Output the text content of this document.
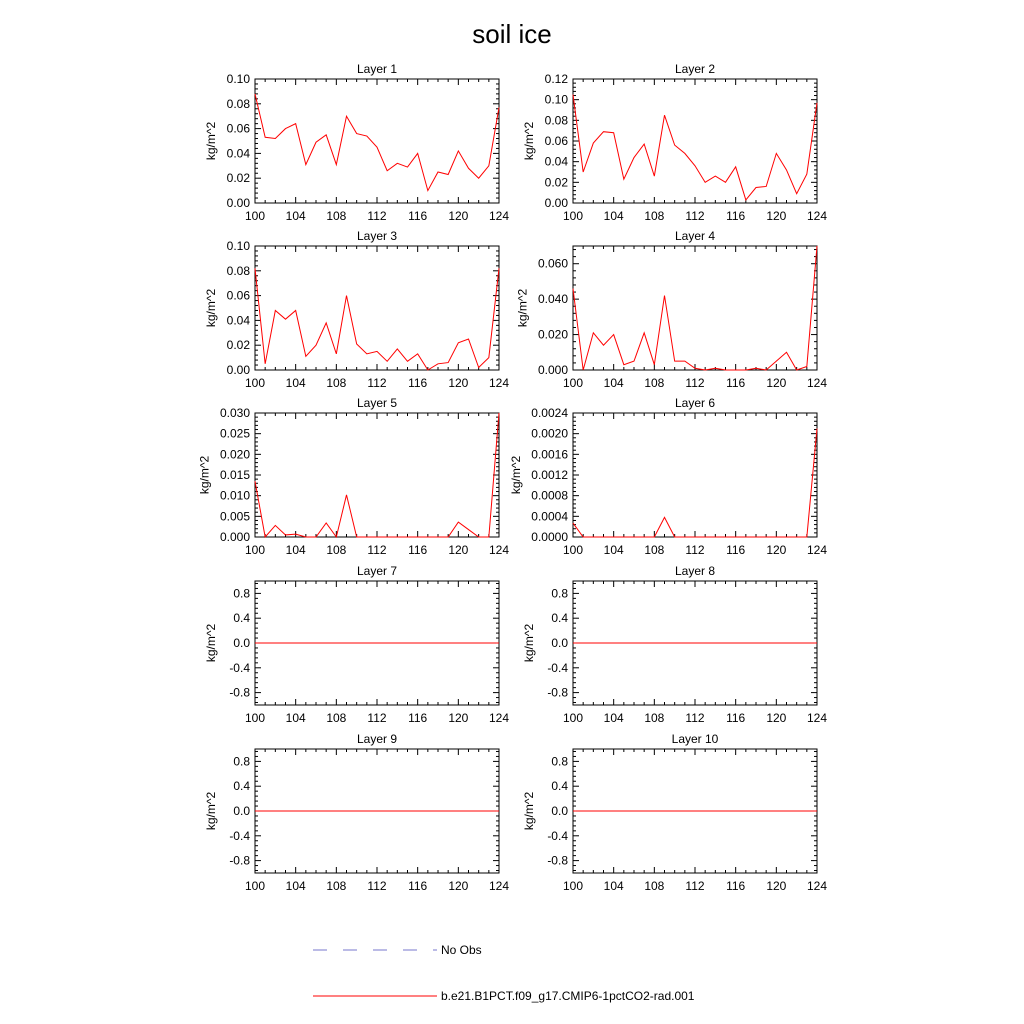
soil ice
Layer 1
100 104 108 112 116 120 124
0.00
0.02
0.04
0.06
0.08
0.10
kg/m^2
Layer 2
100 104 108 112 116 120 124
0.00
0.02
0.04
0.06
0.08
0.10
0.12
kg/m^2
Layer 3
100 104 108 112 116 120 124
0.00
0.02
0.04
0.06
0.08
0.10
kg/m^2
Layer 4
100 104 108 112 116 120 124
0.000
0.020
0.040
0.060
kg/m^2
Layer 5
100 104 108 112 116 120 124
0.000
0.005
0.010
0.015
0.020
0.025
0.030
kg/m^2
Layer 6
100 104 108 112 116 120 124
0.0000
0.0004
0.0008
0.0012
0.0016
0.0020
0.0024
kg/m^2
Layer 7
100 104 108 112 116 120 124
-0.8
-0.4
0.0
0.4
0.8
kg/m^2
Layer 8
100 104 108 112 116 120 124
-0.8
-0.4
0.0
0.4
0.8
kg/m^2
Layer 9
100 104 108 112 116 120 124
-0.8
-0.4
0.0
0.4
0.8
kg/m^2
Layer 10
100 104 108 112 116 120 124
-0.8
-0.4
0.0
0.4
0.8
kg/m^2
No Obs
b.e21.B1PCT.f09_g17.CMIP6-1pctCO2-rad.001
